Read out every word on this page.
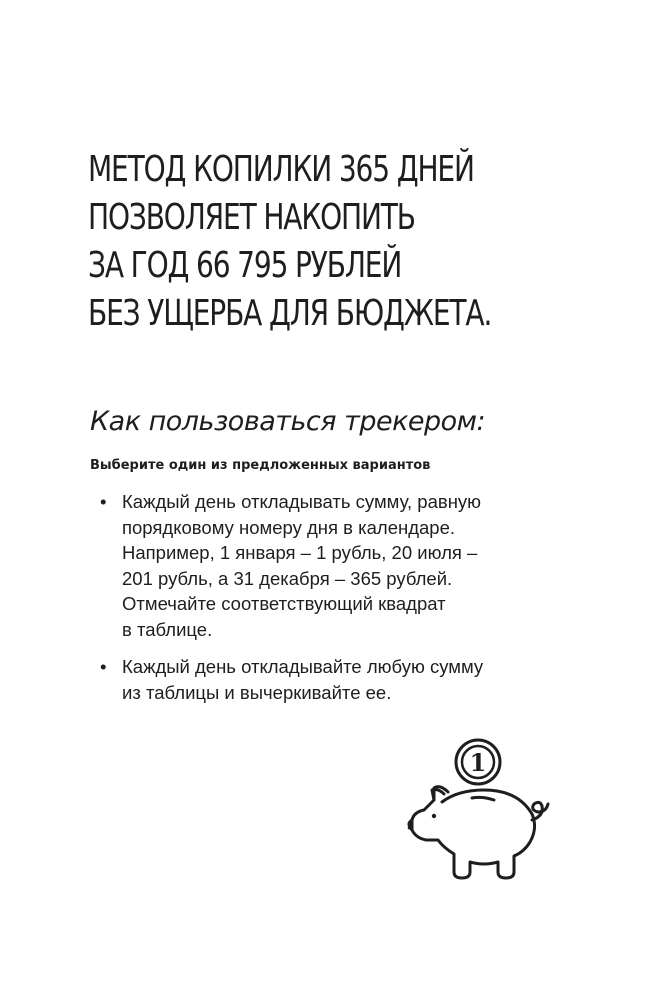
МЕТОД КОПИЛКИ 365 ДНЕЙ
ПОЗВОЛЯЕТ НАКОПИТЬ
ЗА ГОД 66 795 РУБЛЕЙ
БЕЗ УЩЕРБА ДЛЯ БЮДЖЕТА.
Как пользоваться трекером:
Выберите один из предложенных вариантов
• Каждый день откладывать сумму, равную
порядковому номеру дня в календаре.
Например, 1 января – 1 рубль, 20 июля –
201 рубль, а 31 декабря – 365 рублей.
Отмечайте соответствующий квадрат
в таблице.
• Каждый день откладывайте любую сумму
из таблицы и вычеркивайте ее.
1
